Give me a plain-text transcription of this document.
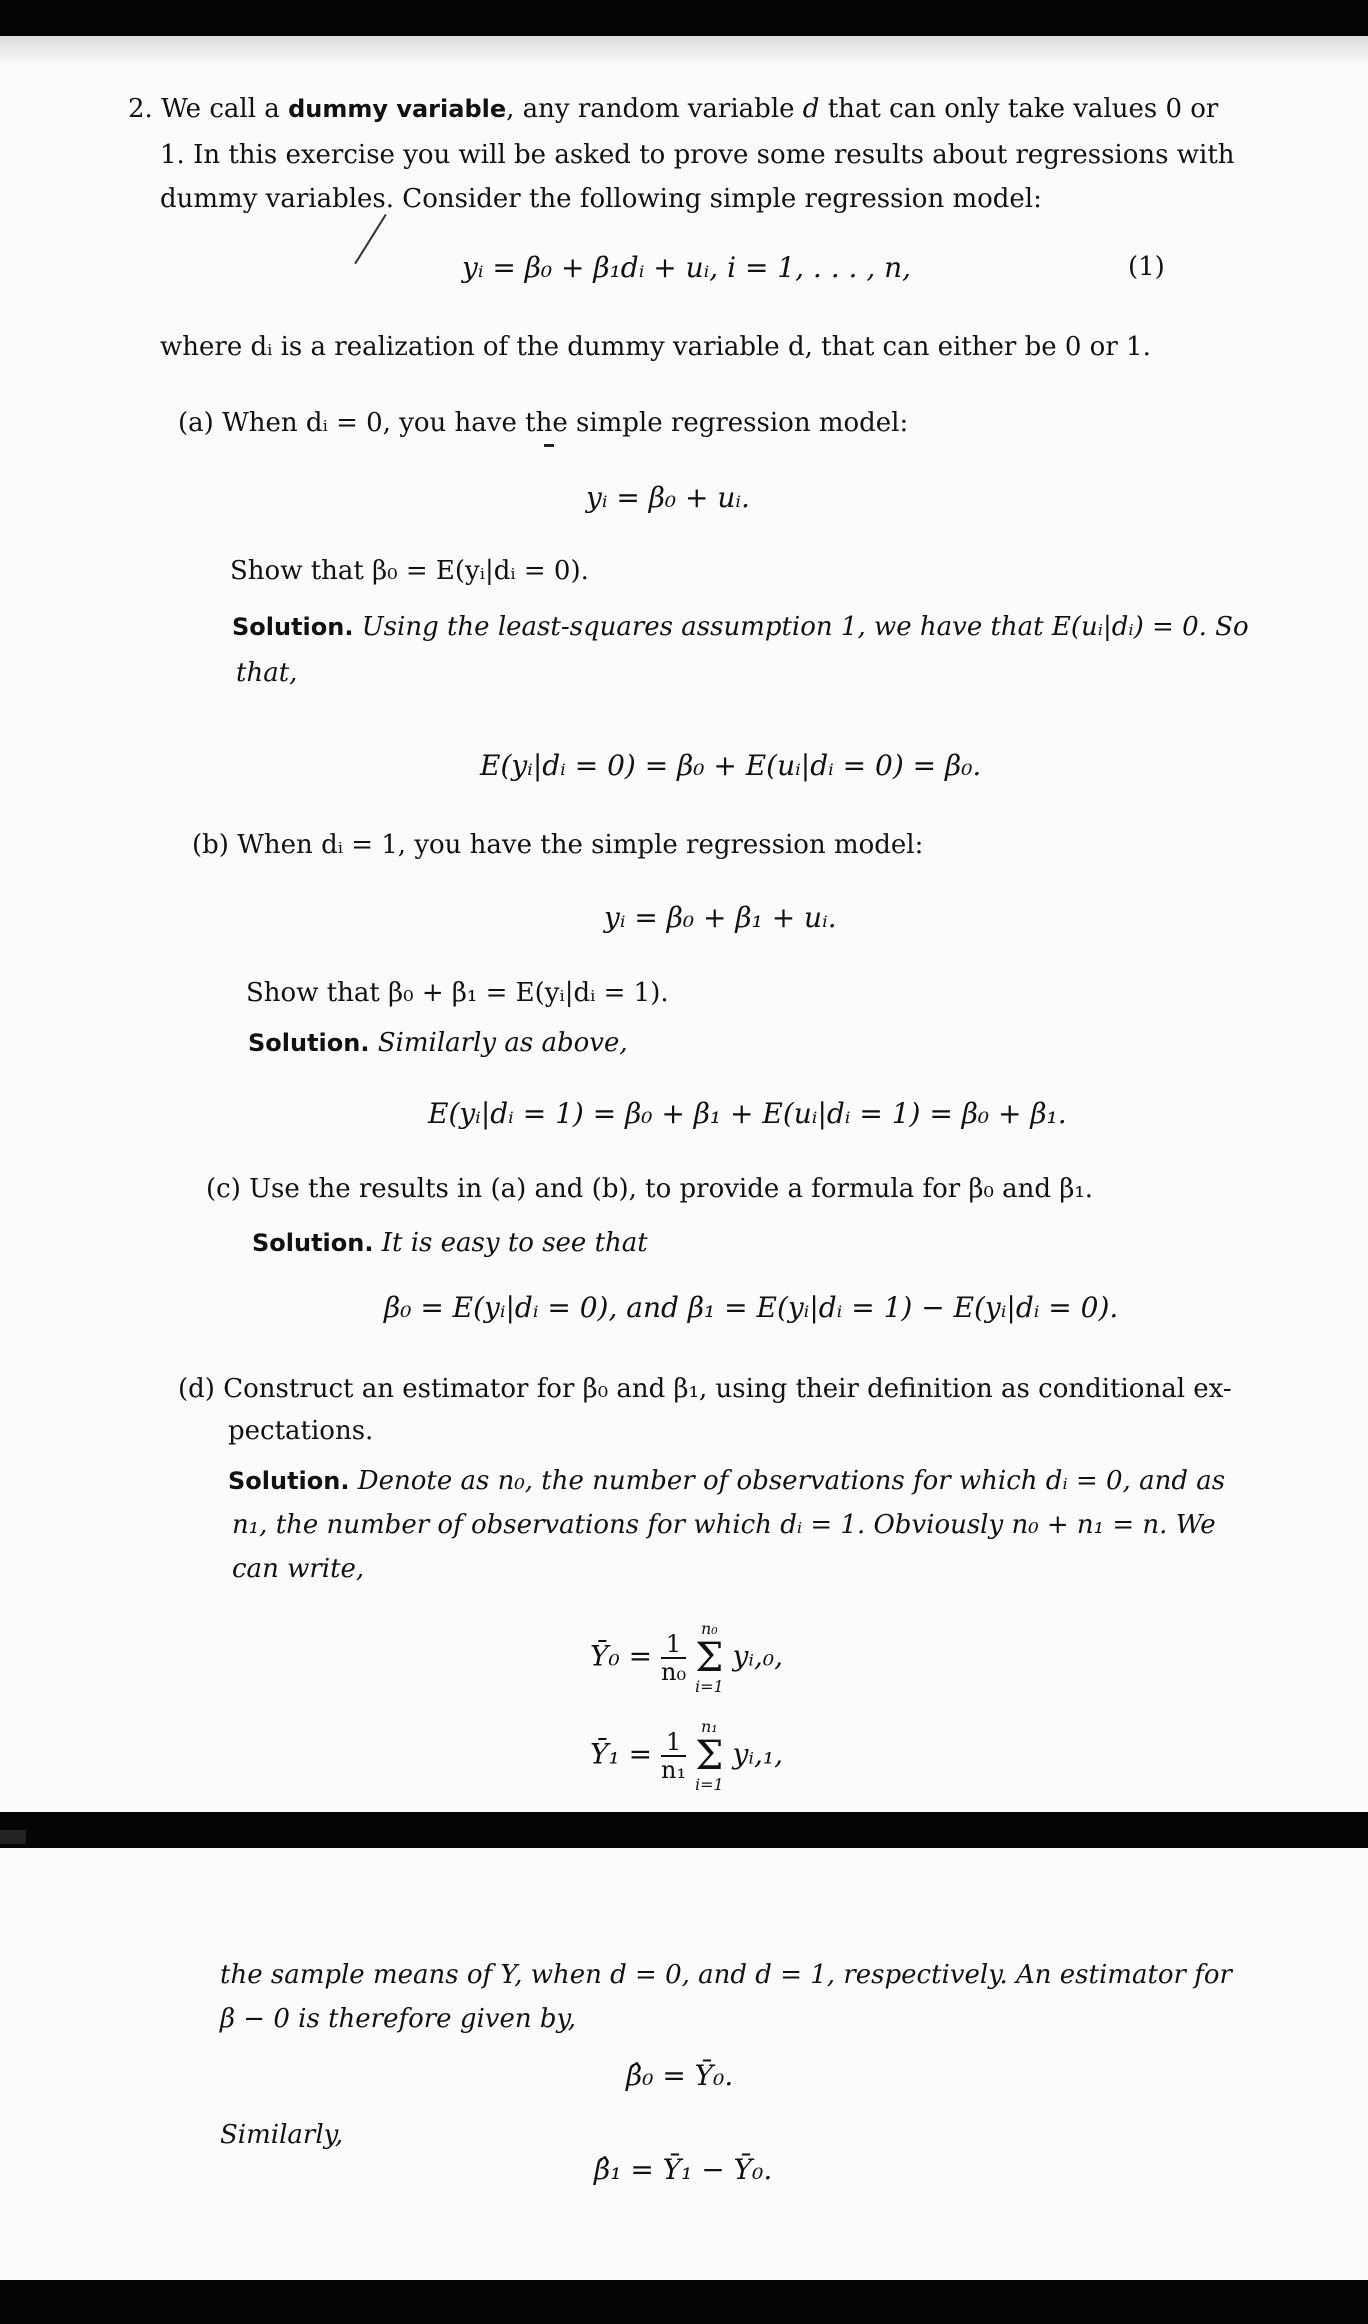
2. We call a dummy variable, any random variable d that can only take values 0 or
1. In this exercise you will be asked to prove some results about regressions with
dummy variables. Consider the following simple regression model:
yᵢ = β₀ + β₁dᵢ + uᵢ, i = 1, . . . , n,	(1)
where dᵢ is a realization of the dummy variable d, that can either be 0 or 1.
(a) When dᵢ = 0, you have the simple regression model:
yᵢ = β₀ + uᵢ.
Show that β₀ = E(yᵢ|dᵢ = 0).
Solution. Using the least-squares assumption 1, we have that E(uᵢ|dᵢ) = 0. So
that,
E(yᵢ|dᵢ = 0) = β₀ + E(uᵢ|dᵢ = 0) = β₀.
(b) When dᵢ = 1, you have the simple regression model:
yᵢ = β₀ + β₁ + uᵢ.
Show that β₀ + β₁ = E(yᵢ|dᵢ = 1).
Solution. Similarly as above,
E(yᵢ|dᵢ = 1) = β₀ + β₁ + E(uᵢ|dᵢ = 1) = β₀ + β₁.
(c) Use the results in (a) and (b), to provide a formula for β₀ and β₁.
Solution. It is easy to see that
β₀ = E(yᵢ|dᵢ = 0), and β₁ = E(yᵢ|dᵢ = 1) − E(yᵢ|dᵢ = 0).
(d) Construct an estimator for β₀ and β₁, using their definition as conditional ex-
pectations.
Solution. Denote as n₀, the number of observations for which dᵢ = 0, and as
n₁, the number of observations for which dᵢ = 1. Obviously n₀ + n₁ = n. We
can write,
Ȳ₀ = $\frac{1}{\text{n₀}}$

n₀
Σ
i=1
yᵢ,₀,
Ȳ₁ = $\frac{1}{\text{n₁}}$

n₁
Σ
i=1
yᵢ,₁,
the sample means of Y, when d = 0, and d = 1, respectively. An estimator for
β − 0 is therefore given by,
β̂₀ = Ȳ₀.
Similarly,
β̂₁ = Ȳ₁ − Ȳ₀.
